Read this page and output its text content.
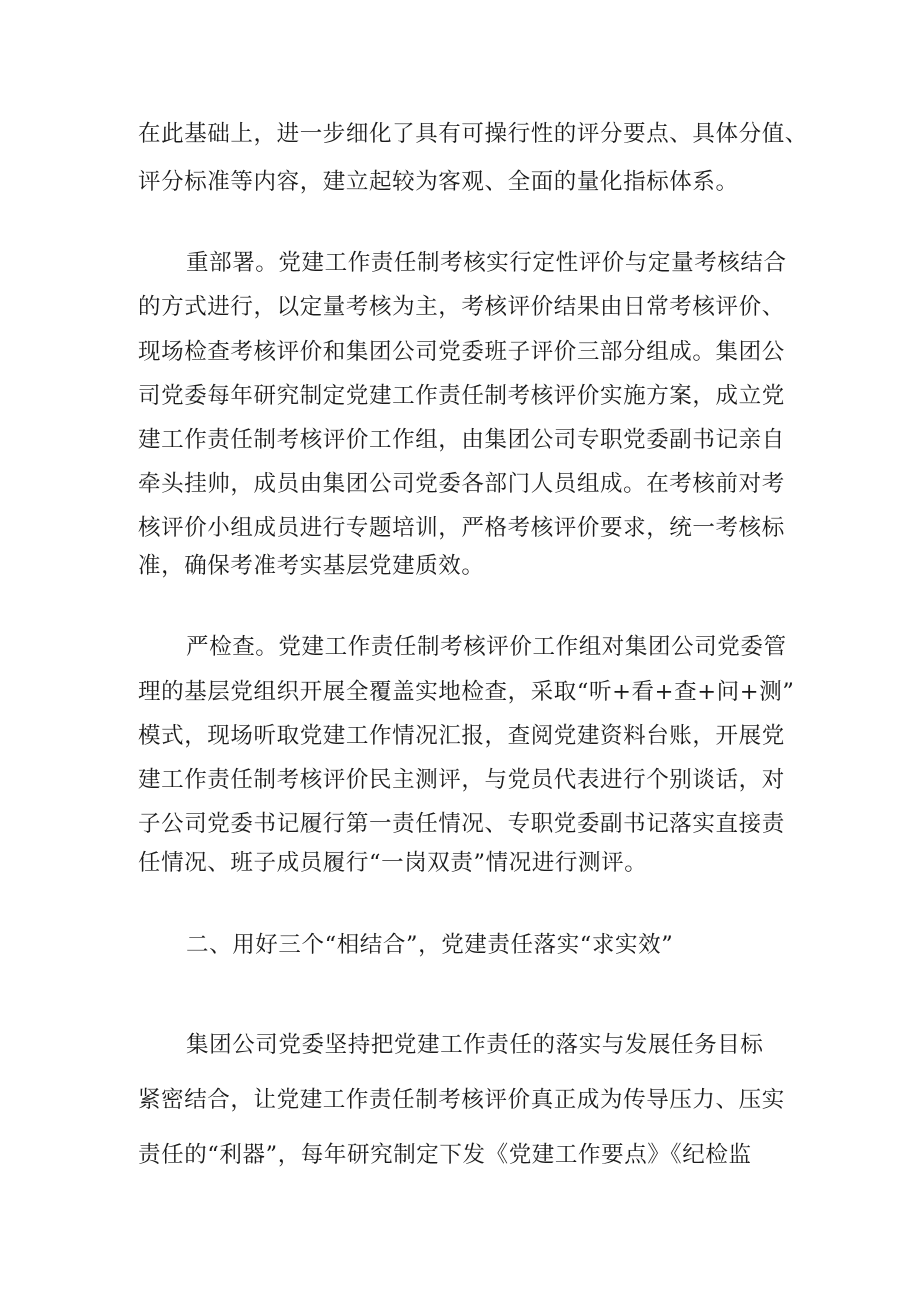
在此基础上，进一步细化了具有可操行性的评分要点、具体分值、
评分标准等内容，建立起较为客观、全面的量化指标体系。
重部署。党建工作责任制考核实行定性评价与定量考核结合
的方式进行，以定量考核为主，考核评价结果由日常考核评价、
现场检查考核评价和集团公司党委班子评价三部分组成。集团公
司党委每年研究制定党建工作责任制考核评价实施方案，成立党
建工作责任制考核评价工作组，由集团公司专职党委副书记亲自
牵头挂帅，成员由集团公司党委各部门人员组成。在考核前对考
核评价小组成员进行专题培训，严格考核评价要求，统一考核标
准，确保考准考实基层党建质效。
严检查。党建工作责任制考核评价工作组对集团公司党委管
理的基层党组织开展全覆盖实地检查，采取“听+看+查+问+测”
模式，现场听取党建工作情况汇报，查阅党建资料台账，开展党
建工作责任制考核评价民主测评，与党员代表进行个别谈话，对
子公司党委书记履行第一责任情况、专职党委副书记落实直接责
任情况、班子成员履行“一岗双责”情况进行测评。
二、用好三个“相结合”，党建责任落实“求实效”
集团公司党委坚持把党建工作责任的落实与发展任务目标
紧密结合，让党建工作责任制考核评价真正成为传导压力、压实
责任的“利器”，每年研究制定下发《党建工作要点》《纪检监
